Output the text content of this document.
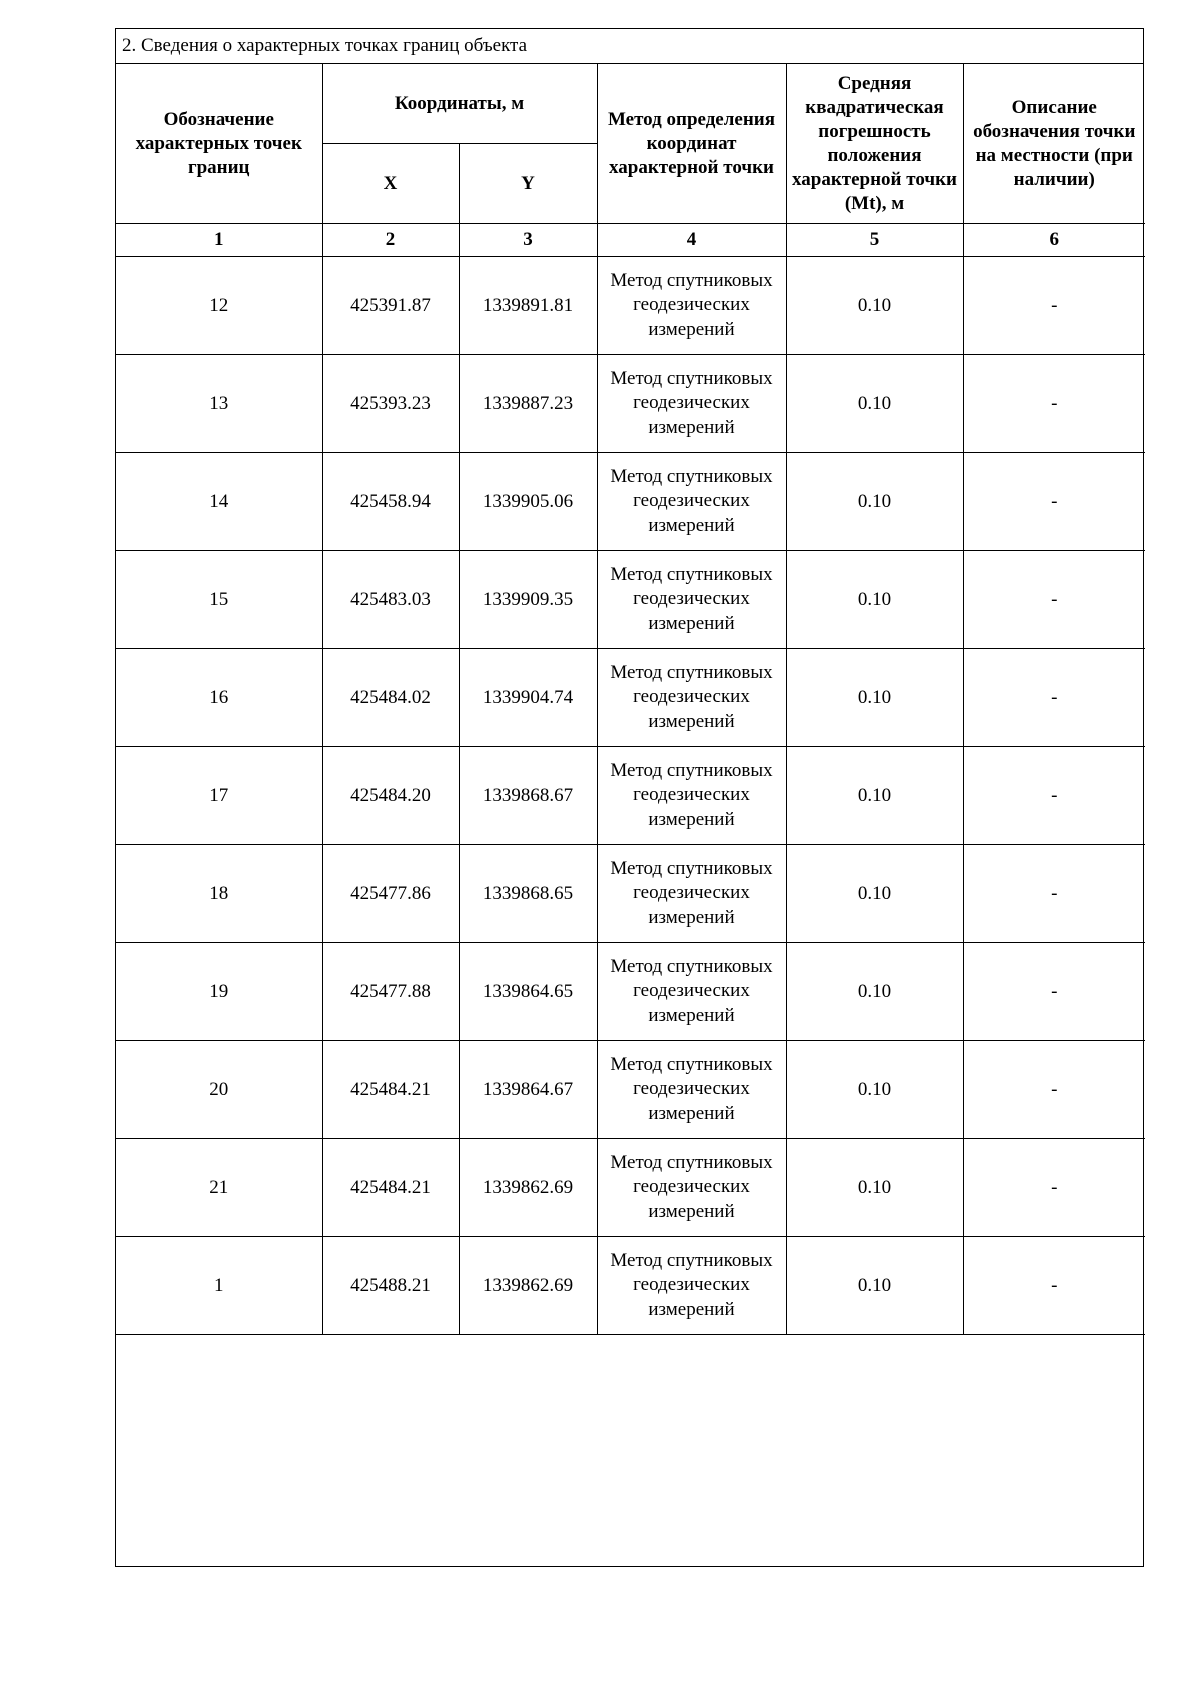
2. Сведения о характерных точках границ объекта
Обозначение характерных точек границ	Координаты, м		Метод определения координат характерной точки	Средняя квадратическая погрешность положения характерной точки (Mt), м	Описание обозначения точки на местности (при наличии)
	X	Y			
1	2	3	4	5	6
12	425391.87	1339891.81	Метод спутниковых геодезических измерений	0.10	-
13	425393.23	1339887.23	Метод спутниковых геодезических измерений	0.10	-
14	425458.94	1339905.06	Метод спутниковых геодезических измерений	0.10	-
15	425483.03	1339909.35	Метод спутниковых геодезических измерений	0.10	-
16	425484.02	1339904.74	Метод спутниковых геодезических измерений	0.10	-
17	425484.20	1339868.67	Метод спутниковых геодезических измерений	0.10	-
18	425477.86	1339868.65	Метод спутниковых геодезических измерений	0.10	-
19	425477.88	1339864.65	Метод спутниковых геодезических измерений	0.10	-
20	425484.21	1339864.67	Метод спутниковых геодезических измерений	0.10	-
21	425484.21	1339862.69	Метод спутниковых геодезических измерений	0.10	-
1	425488.21	1339862.69	Метод спутниковых геодезических измерений	0.10	-
